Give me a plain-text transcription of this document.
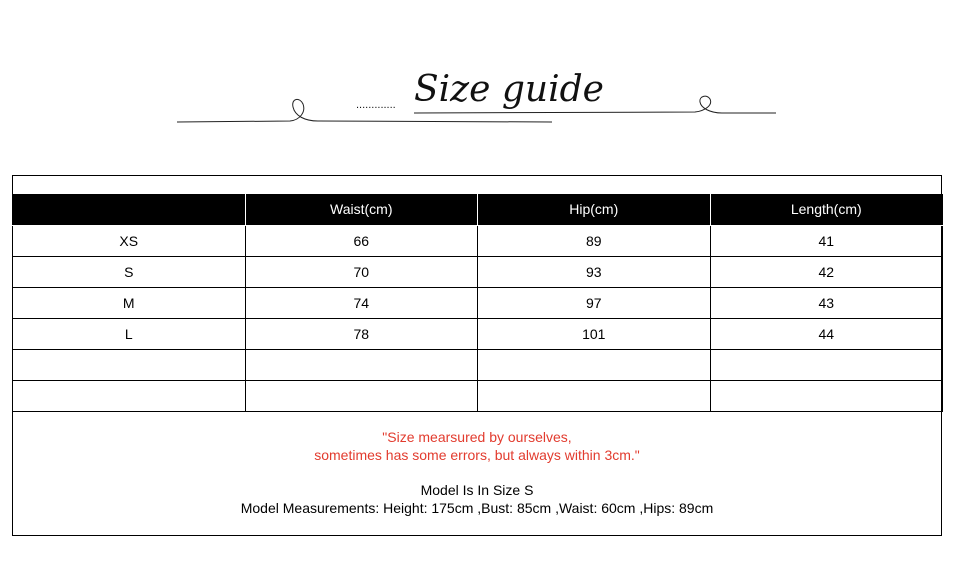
............. Size guide
	Waist(cm)	Hip(cm)	Length(cm)
XS	66	89	41
S	70	93	42
M	74	97	43
L	78	101	44

"Size mearsured by ourselves,
sometimes has some errors, but always within 3cm."
Model Is In Size S
Model Measurements: Height: 175cm ,Bust: 85cm ,Waist: 60cm ,Hips: 89cm
